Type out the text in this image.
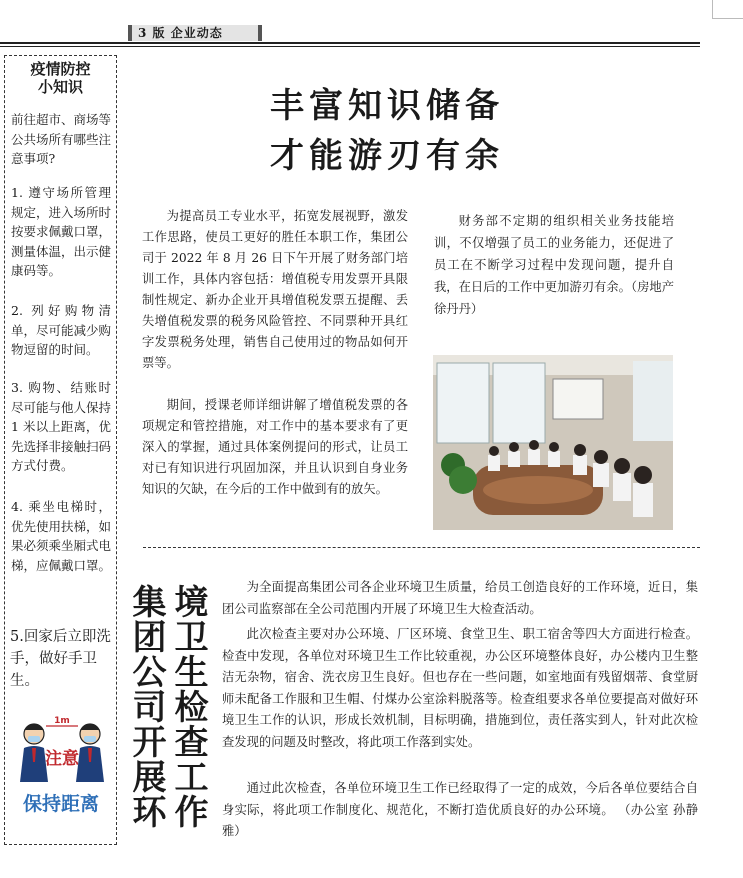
3 版 企业动态
疫情防控
小知识
前往超市、商场等公共场所有哪些注意事项?
1. 遵守场所管理规定，进入场所时按要求佩戴口罩，测量体温，出示健康码等。
2. 列好购物清单，尽可能减少购物逗留的时间。
3. 购物、结账时尽可能与他人保持 1 米以上距离，优先选择非接触扫码方式付费。
4. 乘坐电梯时，优先使用扶梯，如果必须乘坐厢式电梯，应佩戴口罩。
5.回家后立即洗手，做好手卫生。
1m
注意
保持距离
丰富知识储备
才能游刃有余
为提高员工专业水平，拓宽发展视野，激发工作思路，使员工更好的胜任本职工作，集团公司于 2022 年 8 月 26 日下午开展了财务部门培训工作，具体内容包括：增值税专用发票开具限制性规定、新办企业开具增值税发票五提醒、丢失增值税发票的税务风险管控、不同票种开具红字发票税务处理，销售自己使用过的物品如何开票等。
期间，授课老师详细讲解了增值税发票的各项规定和管控措施，对工作中的基本要求有了更深入的掌握，通过具体案例提问的形式，让员工对已有知识进行巩固加深，并且认识到自身业务知识的欠缺，在今后的工作中做到有的放矢。
财务部不定期的组织相关业务技能培训，不仅增强了员工的业务能力，还促进了员工在不断学习过程中发现问题，提升自我，在日后的工作中更加游刃有余。（房地产 徐丹丹）
境卫生检查工作
集团公司开展环	为全面提高集团公司各企业环境卫生质量，给员工创造良好的工作环境，近日，集团公司监察部在全公司范围内开展了环境卫生大检查活动。
此次检查主要对办公环境、厂区环境、食堂卫生、职工宿舍等四大方面进行检查。检查中发现，各单位对环境卫生工作比较重视，办公区环境整体良好，办公楼内卫生整洁无杂物，宿舍、洗衣房卫生良好。但也存在一些问题，如室地面有残留烟蒂、食堂厨师未配备工作服和卫生帽、付煤办公室涂料脱落等。检查组要求各单位要提高对做好环境卫生工作的认识，形成长效机制，目标明确，措施到位，责任落实到人，针对此次检查发现的问题及时整改，将此项工作落到实处。
通过此次检查，各单位环境卫生工作已经取得了一定的成效，今后各单位要结合自身实际，将此项工作制度化、规范化，不断打造优质良好的办公环境。 （办公室 孙静雅）
